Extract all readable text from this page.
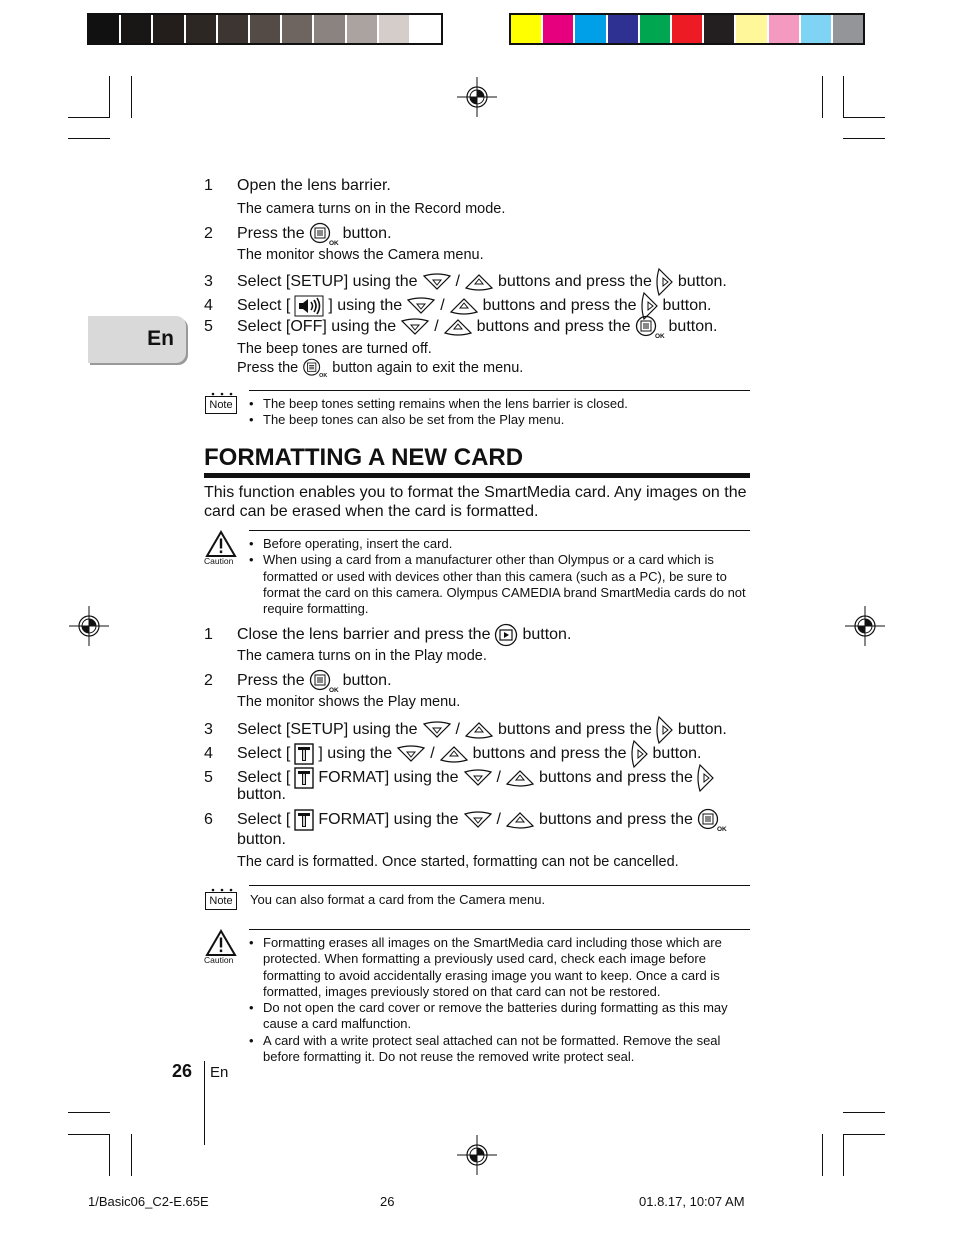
En
1	Open the lens barrier.
The camera turns on in the Record mode.
2	Press the
OK
button.
The monitor shows the Camera menu.
3	Select [SETUP] using the / buttons and press the button.
4	Select [ ] using the / buttons and press the button.
5	Select [OFF] using the / buttons and press the
OK
button.
The beep tones are turned off.
Press the
OK
button again to exit the menu.
Note	• The beep tones setting remains when the lens barrier is closed.
• The beep tones can also be set from the Play menu.
FORMATTING A NEW CARD
This function enables you to format the SmartMedia card. Any images on the card can be erased when the card is formatted.
Caution
• Before operating, insert the card.
• When using a card from a manufacturer other than Olympus or a card which is formatted or used with devices other than this camera (such as a PC), be sure to format the card on this camera. Olympus CAMEDIA brand SmartMedia cards do not require formatting.
1	Close the lens barrier and press the button.
The camera turns on in the Play mode.
2	Press the
OK
button.
The monitor shows the Play menu.
3	Select [SETUP] using the / buttons and press the button.
4	Select [ ] using the / buttons and press the button.
5	Select [ FORMAT] using the / buttons and press the
button.
6	Select [ FORMAT] using the / buttons and press the
OK
button.
The card is formatted. Once started, formatting can not be cancelled.
Note	You can also format a card from the Camera menu.
Caution
• Formatting erases all images on the SmartMedia card including those which are protected. When formatting a previously used card, check each image before formatting to avoid accidentally erasing image you want to keep. Once a card is formatted, images previously stored on that card can not be restored.
• Do not open the card cover or remove the batteries during formatting as this may cause a card malfunction.
• A card with a write protect seal attached can not be formatted. Remove the seal before formatting it. Do not reuse the removed write protect seal.
26 En
1/Basic06_C2-E.65E	26	01.8.17, 10:07 AM
